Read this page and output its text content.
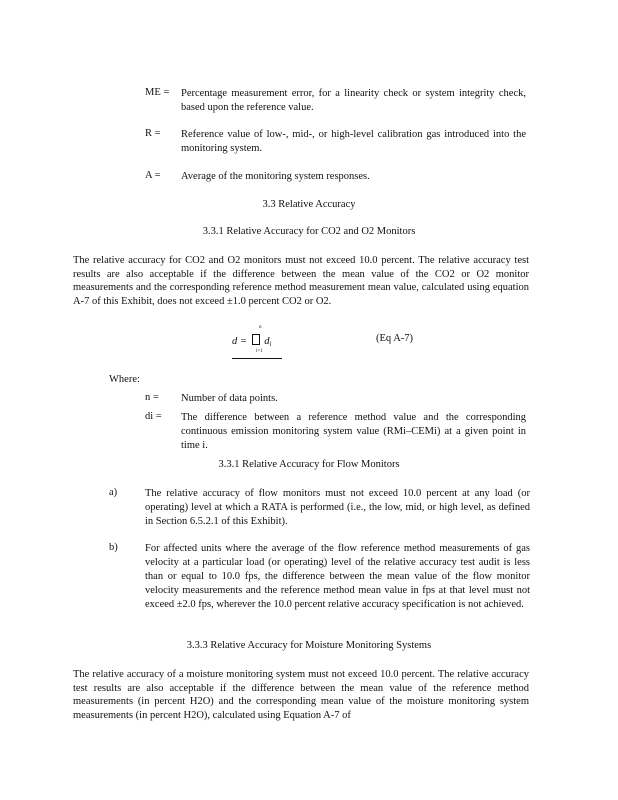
ME = Percentage measurement error, for a linearity check or system integrity check, based upon the reference value.
R = Reference value of low-, mid-, or high-level calibration gas introduced into the monitoring system.
A = Average of the monitoring system responses.
3.3 Relative Accuracy
3.3.1 Relative Accuracy for CO2 and O2 Monitors
The relative accuracy for CO2 and O2 monitors must not exceed 10.0 percent. The relative accuracy test results are also acceptable if the difference between the mean value of the CO2 or O2 monitor measurements and the corresponding reference method measurement mean value, calculated using equation A-7 of this Exhibit, does not exceed ±1.0 percent CO2 or O2.
n
$d = d_i$
i=1
(Eq A-7)
Where:
n = Number of data points.
di = The difference between a reference method value and the corresponding continuous emission monitoring system value (RMi–CEMi) at a given point in time i.
3.3.1 Relative Accuracy for Flow Monitors
a)	The relative accuracy of flow monitors must not exceed 10.0 percent at any load (or operating) level at which a RATA is performed (i.e., the low, mid, or high level, as defined in Section 6.5.2.1 of this Exhibit).
b)	For affected units where the average of the flow reference method measurements of gas velocity at a particular load (or operating) level of the relative accuracy test audit is less than or equal to 10.0 fps, the difference between the mean value of the flow monitor velocity measurements and the reference method mean value in fps at that level must not exceed ±2.0 fps, wherever the 10.0 percent relative accuracy specification is not achieved.
3.3.3 Relative Accuracy for Moisture Monitoring Systems
The relative accuracy of a moisture monitoring system must not exceed 10.0 percent. The relative accuracy test results are also acceptable if the difference between the mean value of the reference method measurements (in percent H2O) and the corresponding mean value of the moisture monitoring system measurements (in percent H2O), calculated using Equation A-7 of
